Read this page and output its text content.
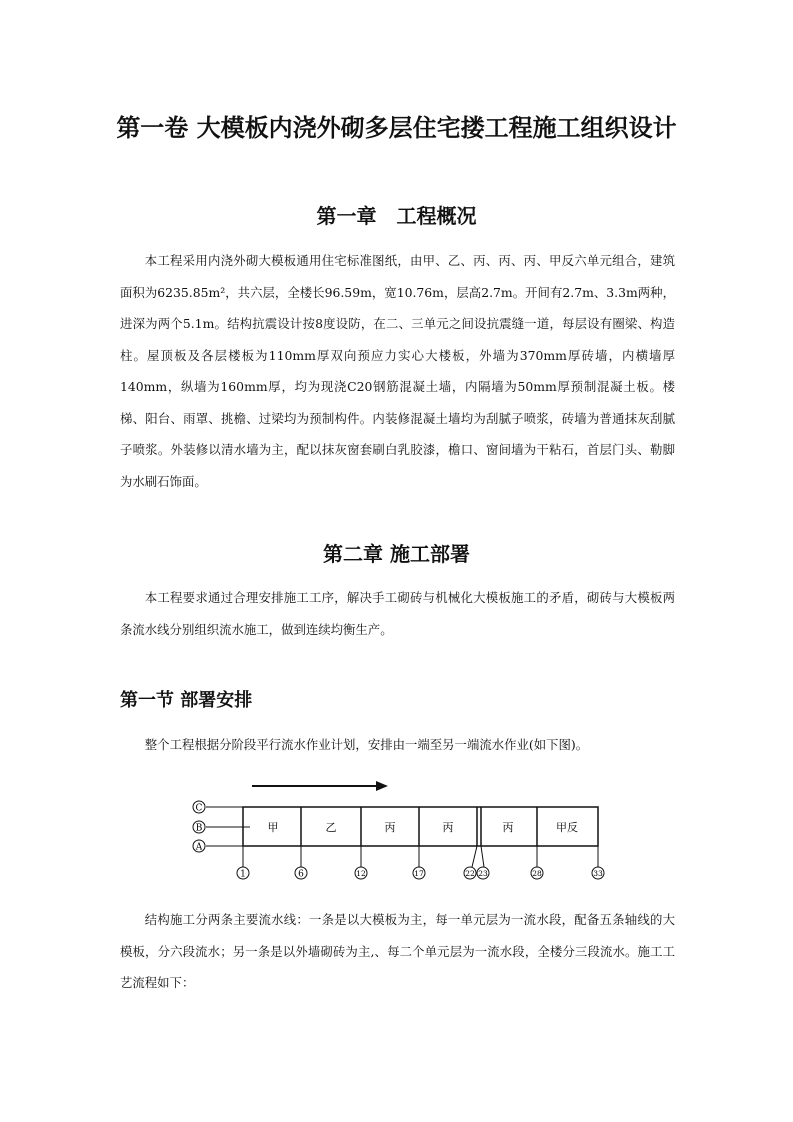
第一卷 大模板内浇外砌多层住宅搂工程施工组织设计
第一章　工程概况

本工程采用内浇外砌大模板通用住宅标准图纸，由甲、乙、丙、丙、丙、甲反六单元组合，建筑面积为6235.85m²，共六层，全楼长96.59m，宽10.76m，层高2.7m。开间有2.7m、3.3m两种，进深为两个5.1m。结构抗震设计按8度设防，在二、三单元之间设抗震缝一道，每层设有圈梁、构造柱。屋顶板及各层楼板为110mm厚双向预应力实心大楼板，外墙为370mm厚砖墙，内横墙厚140mm，纵墙为160mm厚，均为现浇C20钢筋混凝土墙，内隔墙为50mm厚预制混凝土板。楼梯、阳台、雨罩、挑檐、过梁均为预制构件。内装修混凝土墙均为刮腻子喷浆，砖墙为普通抹灰刮腻子喷浆。外装修以清水墙为主，配以抹灰窗套刷白乳胶漆，檐口、窗间墙为干粘石，首层门头、勒脚为水刷石饰面。

第二章 施工部署

本工程要求通过合理安排施工工序，解决手工砌砖与机械化大模板施工的矛盾，砌砖与大模板两条流水线分别组织流水施工，做到连续均衡生产。

第一节 部署安排

整个工程根据分阶段平行流水作业计划，安排由一端至另一端流水作业(如下图)。

C
B
A
甲	乙	丙	丙	丙	甲反
1	6	12	17	22 23	28	33

结构施工分两条主要流水线：一条是以大模板为主，每一单元层为一流水段，配备五条轴线的大模板，分六段流水；另一条是以外墙砌砖为主,、每二个单元层为一流水段，全楼分三段流水。施工工艺流程如下：
